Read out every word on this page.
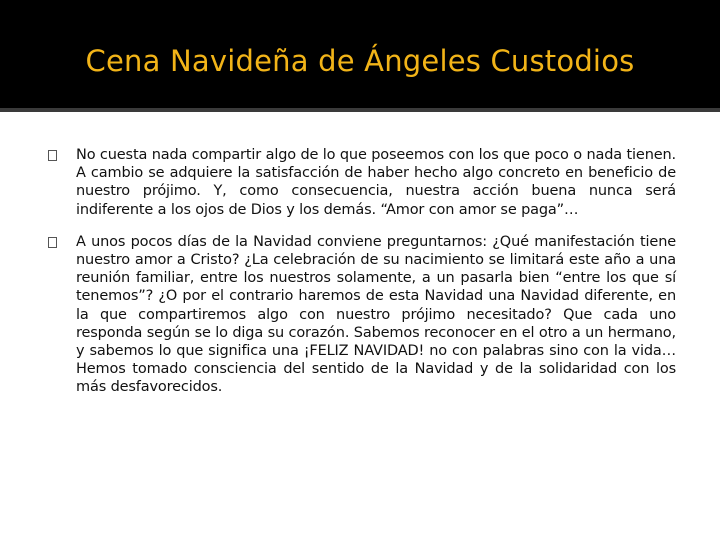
Cena Navideña de Ángeles Custodios
No cuesta nada compartir algo de lo que poseemos con los que poco o nada tienen. A cambio se adquiere la satisfacción de haber hecho algo concreto en beneficio de nuestro prójimo. Y, como consecuencia, nuestra acción buena nunca será indiferente a los ojos de Dios y los demás. “Amor con amor se paga”…
A unos pocos días de la Navidad conviene preguntarnos: ¿Qué manifestación tiene nuestro amor a Cristo? ¿La celebración de su nacimiento se limitará este año a una reunión familiar, entre los nuestros solamente, a un pasarla bien “entre los que sí tenemos”? ¿O por el contrario haremos de esta Navidad una Navidad diferente, en la que compartiremos algo con nuestro prójimo necesitado? Que cada uno responda según se lo diga su corazón. Sabemos reconocer en el otro a un hermano, y sabemos lo que significa una ¡FELIZ NAVIDAD! no con palabras sino con la vida…Hemos tomado consciencia del sentido de la Navidad y de la solidaridad con los más desfavorecidos.
